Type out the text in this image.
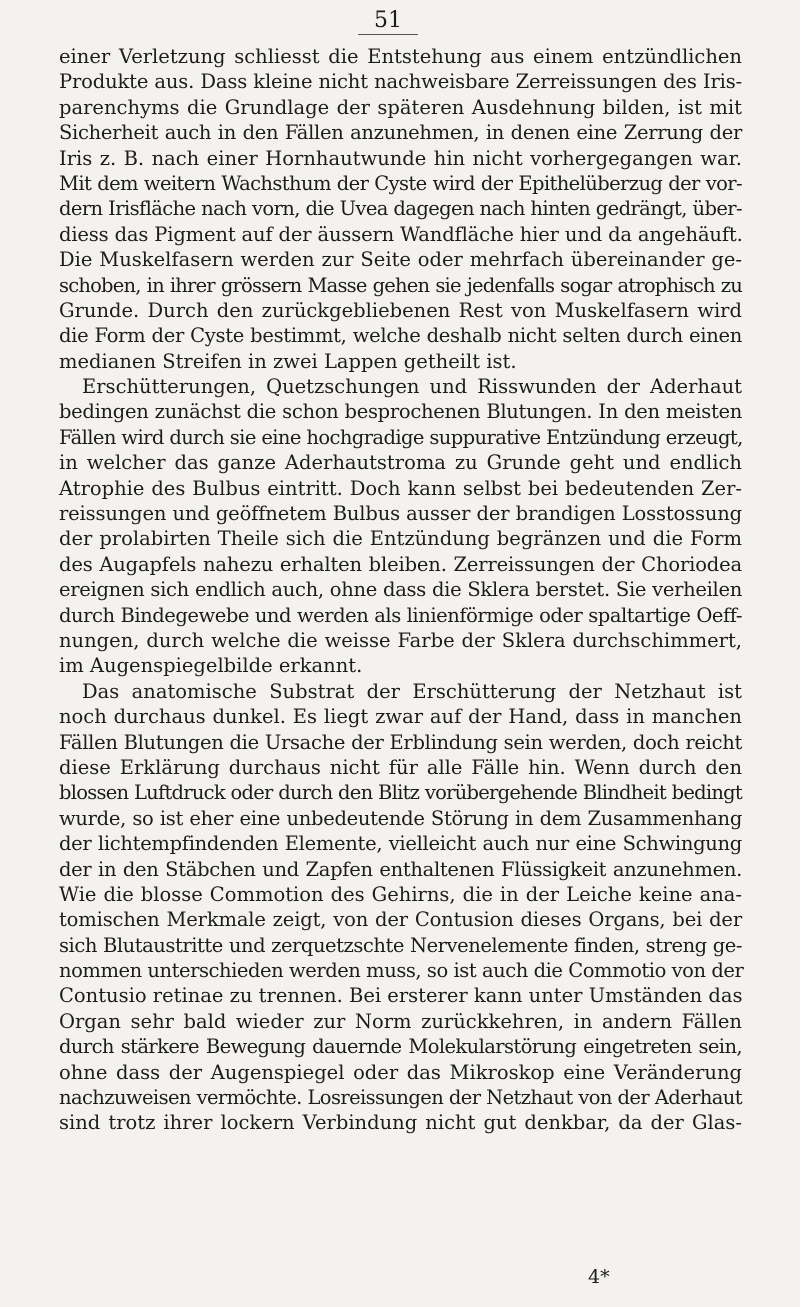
51
einer Verletzung schliesst die Entstehung aus einem entzündlichen
Produkte aus. Dass kleine nicht nachweisbare Zerreissungen des Iris-
parenchyms die Grundlage der späteren Ausdehnung bilden, ist mit
Sicherheit auch in den Fällen anzunehmen, in denen eine Zerrung der
Iris z. B. nach einer Hornhautwunde hin nicht vorhergegangen war.
Mit dem weitern Wachsthum der Cyste wird der Epithelüberzug der vor-
dern Irisfläche nach vorn, die Uvea dagegen nach hinten gedrängt, über-
diess das Pigment auf der äussern Wandfläche hier und da angehäuft.
Die Muskelfasern werden zur Seite oder mehrfach übereinander ge-
schoben, in ihrer grössern Masse gehen sie jedenfalls sogar atrophisch zu
Grunde. Durch den zurückgebliebenen Rest von Muskelfasern wird
die Form der Cyste bestimmt, welche deshalb nicht selten durch einen
medianen Streifen in zwei Lappen getheilt ist.
Erschütterungen, Quetzschungen und Risswunden der Aderhaut
bedingen zunächst die schon besprochenen Blutungen. In den meisten
Fällen wird durch sie eine hochgradige suppurative Entzündung erzeugt,
in welcher das ganze Aderhautstroma zu Grunde geht und endlich
Atrophie des Bulbus eintritt. Doch kann selbst bei bedeutenden Zer-
reissungen und geöffnetem Bulbus ausser der brandigen Losstossung
der prolabirten Theile sich die Entzündung begränzen und die Form
des Augapfels nahezu erhalten bleiben. Zerreissungen der Choriodea
ereignen sich endlich auch, ohne dass die Sklera berstet. Sie verheilen
durch Bindegewebe und werden als linienförmige oder spaltartige Oeff-
nungen, durch welche die weisse Farbe der Sklera durchschimmert,
im Augenspiegelbilde erkannt.
Das anatomische Substrat der Erschütterung der Netzhaut ist
noch durchaus dunkel. Es liegt zwar auf der Hand, dass in manchen
Fällen Blutungen die Ursache der Erblindung sein werden, doch reicht
diese Erklärung durchaus nicht für alle Fälle hin. Wenn durch den
blossen Luftdruck oder durch den Blitz vorübergehende Blindheit bedingt
wurde, so ist eher eine unbedeutende Störung in dem Zusammenhang
der lichtempfindenden Elemente, vielleicht auch nur eine Schwingung
der in den Stäbchen und Zapfen enthaltenen Flüssigkeit anzunehmen.
Wie die blosse Commotion des Gehirns, die in der Leiche keine ana-
tomischen Merkmale zeigt, von der Contusion dieses Organs, bei der
sich Blutaustritte und zerquetzschte Nervenelemente finden, streng ge-
nommen unterschieden werden muss, so ist auch die Commotio von der
Contusio retinae zu trennen. Bei ersterer kann unter Umständen das
Organ sehr bald wieder zur Norm zurückkehren, in andern Fällen
durch stärkere Bewegung dauernde Molekularstörung eingetreten sein,
ohne dass der Augenspiegel oder das Mikroskop eine Veränderung
nachzuweisen vermöchte. Losreissungen der Netzhaut von der Aderhaut
sind trotz ihrer lockern Verbindung nicht gut denkbar, da der Glas-
4*
